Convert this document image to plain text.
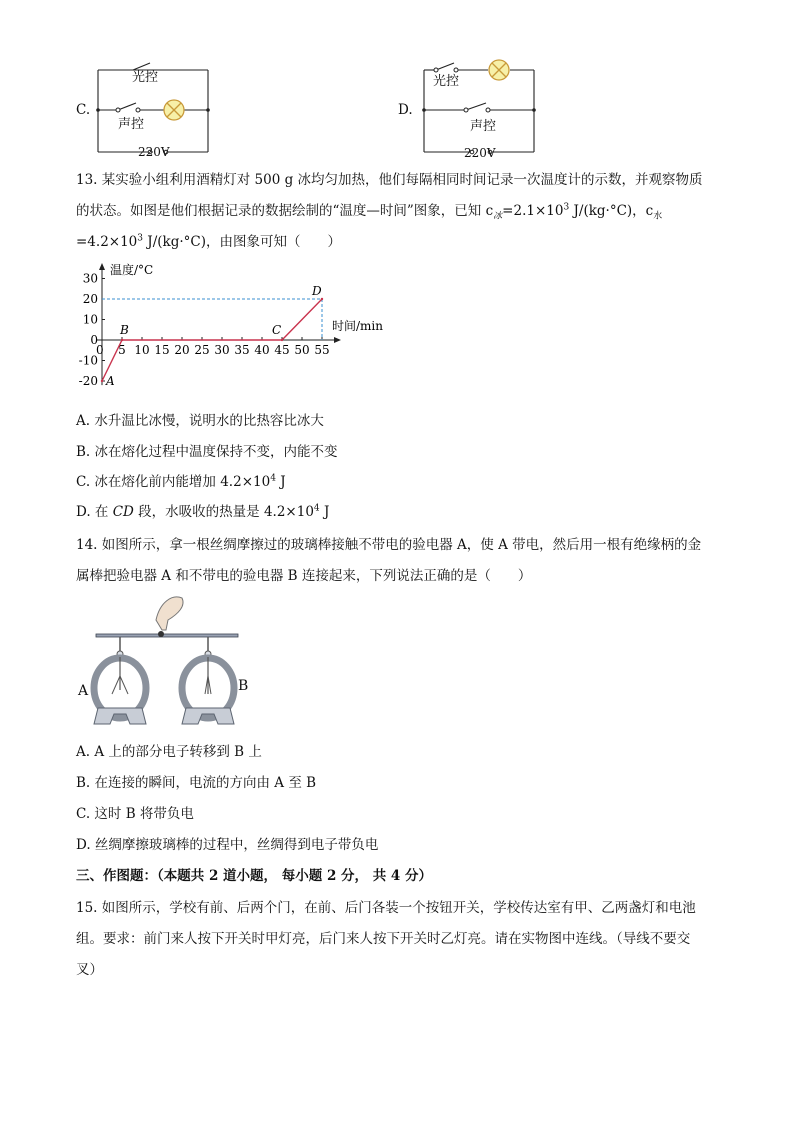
C.
光控
声控
220V
D.
光控
声控
220V
13. 某实验小组利用酒精灯对 500 g 冰均匀加热，他们每隔相同时间记录一次温度计的示数，并观察物质
的状态。如图是他们根据记录的数据绘制的“温度—时间”图象，已知 $c_冰=2.1\times 10^3$ J/(kg·°C)，$c_水$
$=4.2\times 10^3$ J/(kg·°C)，由图象可知（　　）
30
20
10
0
-10
-20
5 10 15 20 25 30 35 40 45 50 55
A
B	C
D
0
温度/°C
时间/min
A. 水升温比冰慢，说明水的比热容比冰大
B. 冰在熔化过程中温度保持不变，内能不变
C. 冰在熔化前内能增加 $4.2\times 10^4$ J
D. 在 CD 段，水吸收的热量是 $4.2\times 10^4$ J
14. 如图所示，拿一根丝绸摩擦过的玻璃棒接触不带电的验电器 A，使 A 带电，然后用一根有绝缘柄的金
属棒把验电器 A 和不带电的验电器 B 连接起来，下列说法正确的是（　　）
A	B
A. A 上的部分电子转移到 B 上
B. 在连接的瞬间，电流的方向由 A 至 B
C. 这时 B 将带负电
D. 丝绸摩擦玻璃棒的过程中，丝绸得到电子带负电
三、作图题：（本题共 2 道小题， 每小题 2 分， 共 4 分）
15. 如图所示，学校有前、后两个门，在前、后门各装一个按钮开关，学校传达室有甲、乙两盏灯和电池
组。要求：前门来人按下开关时甲灯亮，后门来人按下开关时乙灯亮。请在实物图中连线。（导线不要交
叉）
